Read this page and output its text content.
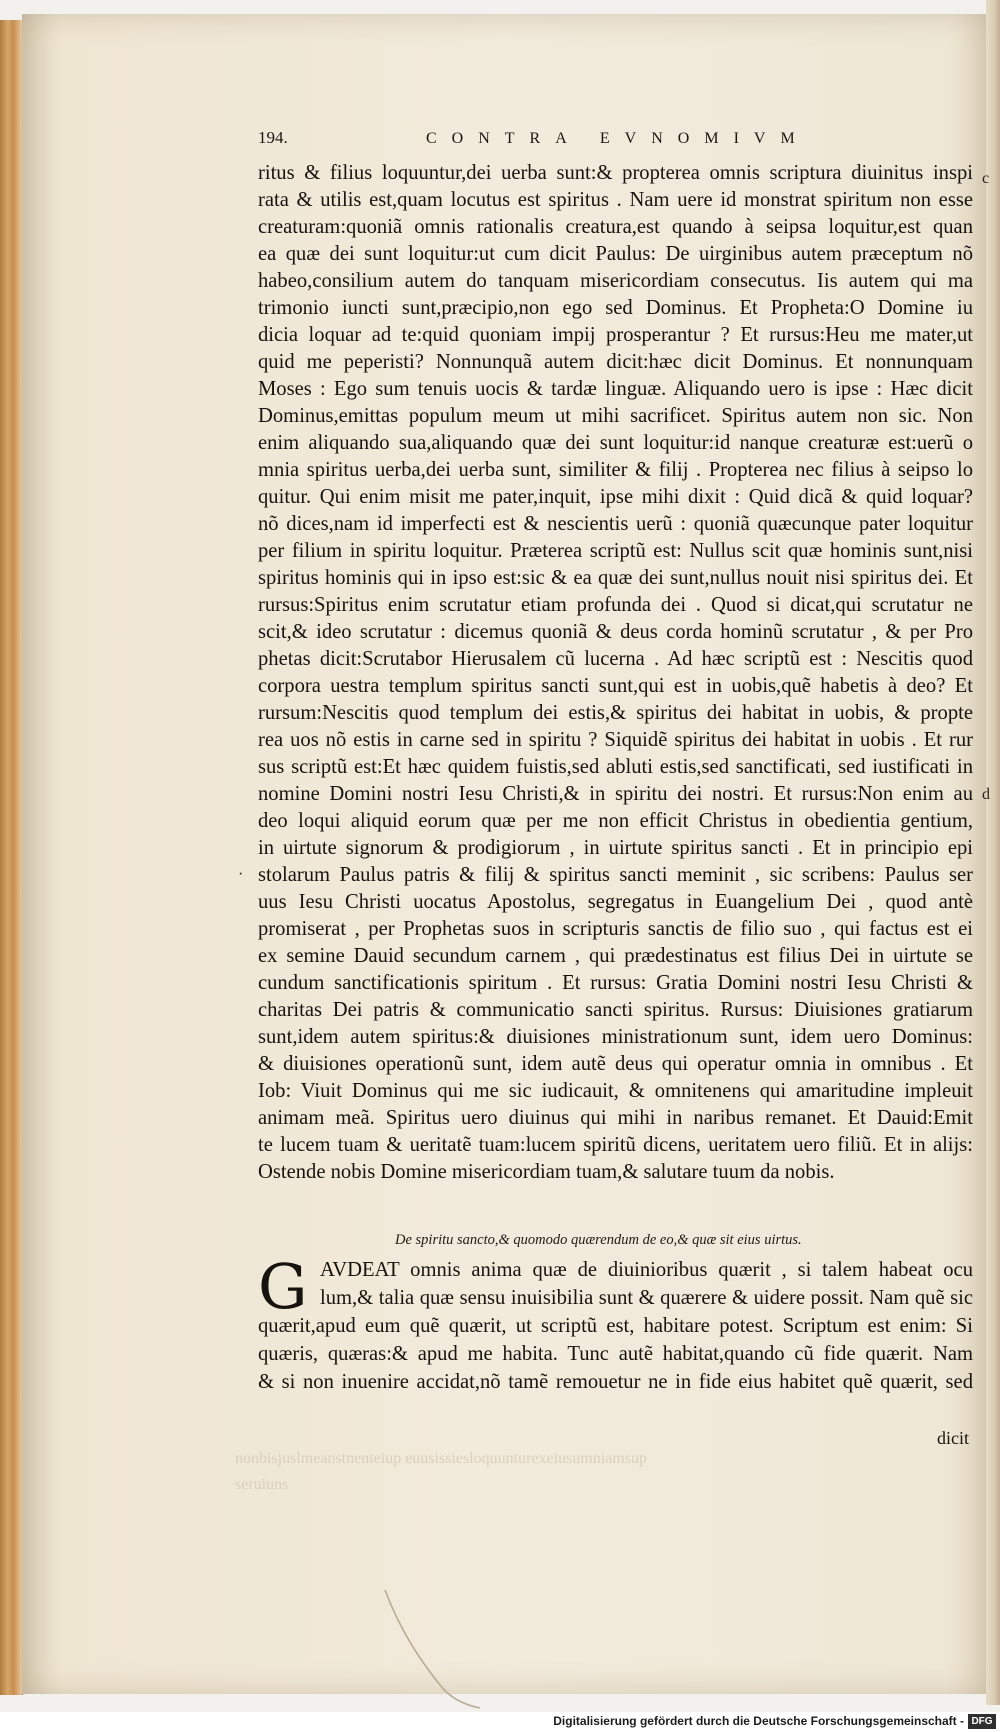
194.	CONTRA EVNOMIVM
ritus & filius loquuntur,dei uerba sunt:& propterea omnis scriptura diuinitus inspi
rata & utilis est,quam locutus est spiritus . Nam uere id monstrat spiritum non esse
creaturam:quoniã omnis rationalis creatura,est quando à seipsa loquitur,est quan
ea quæ dei sunt loquitur:ut cum dicit Paulus: De uirginibus autem præceptum nõ
habeo,consilium autem do tanquam misericordiam consecutus. Iis autem qui ma
trimonio iuncti sunt,præcipio,non ego sed Dominus. Et Propheta:O Domine iu
dicia loquar ad te:quid quoniam impij prosperantur ? Et rursus:Heu me mater,ut
quid me peperisti? Nonnunquã autem dicit:hæc dicit Dominus. Et nonnunquam
Moses : Ego sum tenuis uocis & tardæ linguæ. Aliquando uero is ipse : Hæc dicit
Dominus,emittas populum meum ut mihi sacrificet. Spiritus autem non sic. Non
enim aliquando sua,aliquando quæ dei sunt loquitur:id nanque creaturæ est:uerũ o
mnia spiritus uerba,dei uerba sunt, similiter & filij . Propterea nec filius à seipso lo
quitur. Qui enim misit me pater,inquit, ipse mihi dixit : Quid dicã & quid loquar?
nõ dices,nam id imperfecti est & nescientis uerũ : quoniã quæcunque pater loquitur
per filium in spiritu loquitur. Præterea scriptũ est: Nullus scit quæ hominis sunt,nisi
spiritus hominis qui in ipso est:sic & ea quæ dei sunt,nullus nouit nisi spiritus dei. Et
rursus:Spiritus enim scrutatur etiam profunda dei . Quod si dicat,qui scrutatur ne
scit,& ideo scrutatur : dicemus quoniã & deus corda hominũ scrutatur , & per Pro
phetas dicit:Scrutabor Hierusalem cũ lucerna . Ad hæc scriptũ est : Nescitis quod
corpora uestra templum spiritus sancti sunt,qui est in uobis,quẽ habetis à deo? Et
rursum:Nescitis quod templum dei estis,& spiritus dei habitat in uobis, & propte
rea uos nõ estis in carne sed in spiritu ? Siquidẽ spiritus dei habitat in uobis . Et rur
sus scriptũ est:Et hæc quidem fuistis,sed abluti estis,sed sanctificati, sed iustificati in
nomine Domini nostri Iesu Christi,& in spiritu dei nostri. Et rursus:Non enim au
deo loqui aliquid eorum quæ per me non efficit Christus in obedientia gentium,
in uirtute signorum & prodigiorum , in uirtute spiritus sancti . Et in principio epi
stolarum Paulus patris & filij & spiritus sancti meminit , sic scribens: Paulus ser
uus Iesu Christi uocatus Apostolus, segregatus in Euangelium Dei , quod antè
promiserat , per Prophetas suos in scripturis sanctis de filio suo , qui factus est ei
ex semine Dauid secundum carnem , qui prædestinatus est filius Dei in uirtute se
cundum sanctificationis spiritum . Et rursus: Gratia Domini nostri Iesu Christi &
charitas Dei patris & communicatio sancti spiritus. Rursus: Diuisiones gratiarum
sunt,idem autem spiritus:& diuisiones ministrationum sunt, idem uero Dominus:
& diuisiones operationũ sunt, idem autẽ deus qui operatur omnia in omnibus . Et
Iob: Viuit Dominus qui me sic iudicauit, & omnitenens qui amaritudine impleuit
animam meã. Spiritus uero diuinus qui mihi in naribus remanet. Et Dauid:Emit
te lucem tuam & ueritatẽ tuam:lucem spiritũ dicens, ueritatem uero filiũ. Et in alijs:
Ostende nobis Domine misericordiam tuam,& salutare tuum da nobis.
c
d
·
De spiritu sancto,& quomodo quærendum de eo,& quæ sit eius uirtus.
G AVDEAT omnis anima quæ de diuinioribus quærit , si talem habeat ocu
lum,& talia quæ sensu inuisibilia sunt & quærere & uidere possit. Nam quẽ sic
quærit,apud eum quẽ quærit, ut scriptũ est, habitare potest. Scriptum est enim: Si
quæris, quæras:& apud me habita. Tunc autẽ habitat,quando cũ fide quærit. Nam
& si non inuenire accidat,nõ tamẽ remouetur ne in fide eius habitet quẽ quærit, sed
dicit
nonbisjuslmeanstnenteiup euusissiesloquunturexeiusumniamsup
seruiuns
Digitalisierung gefördert durch die Deutsche Forschungsgemeinschaft - DFG
